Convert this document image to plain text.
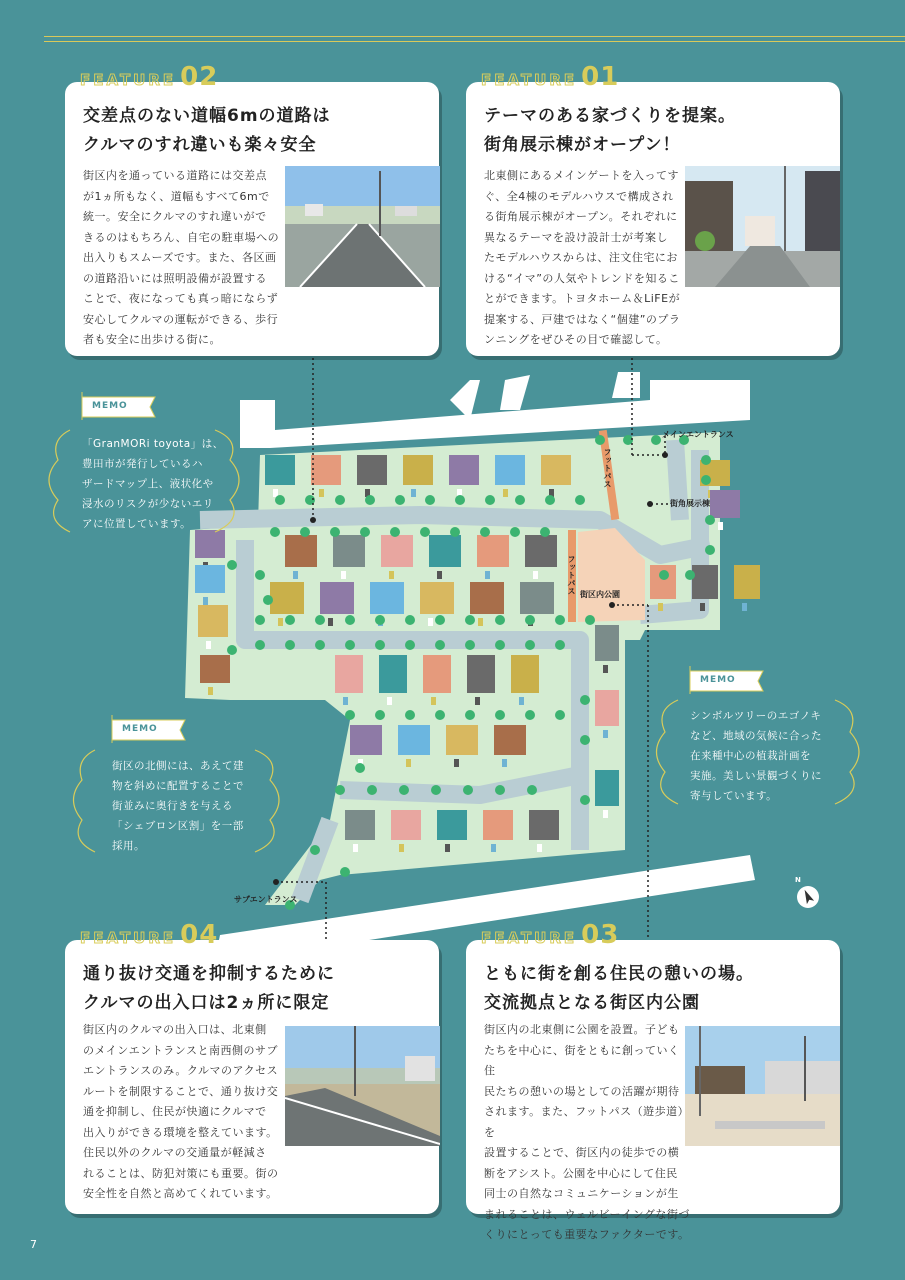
メインエントランス
街角展示棟
フットパス
フットパス 街区内公園
サブエントランス
N
MEMO
「GranMORi toyota」は、
豊田市が発行しているハ
ザードマップ上、液状化や
浸水のリスクが少ないエリ
アに位置しています。
MEMO
街区の北側には、あえて建
物を斜めに配置することで
街並みに奥行きを与える
「シェブロン区割」を一部
採用。
MEMO
シンボルツリーのエゴノキ
など、地域の気候に合った
在来種中心の植栽計画を
実施。美しい景観づくりに
寄与しています。
交差点のない道幅6mの道路は
クルマのすれ違いも楽々安全
街区内を通っている道路には交差点
が1ヵ所もなく、道幅もすべて6mで
統一。安全にクルマのすれ違いがで
きるのはもちろん、自宅の駐車場への
出入りもスムーズです。また、各区画
の道路沿いには照明設備が設置する
ことで、夜になっても真っ暗にならず
安心してクルマの運転ができる、歩行
者も安全に出歩ける街に。
FEATURE 02
テーマのある家づくりを提案。
街角展示棟がオープン！
北東側にあるメインゲートを入ってす
ぐ、全4棟のモデルハウスで構成され
る街角展示棟がオープン。それぞれに
異なるテーマを設け設計士が考案し
たモデルハウスからは、注文住宅にお
ける“イマ”の人気やトレンドを知るこ
とができます。トヨタホーム＆LiFEが
提案する、戸建ではなく“個建”のプラ
ンニングをぜひその目で確認して。
FEATURE 01
通り抜け交通を抑制するために
クルマの出入口は2ヵ所に限定
街区内のクルマの出入口は、北東側
のメインエントランスと南西側のサブ
エントランスのみ。クルマのアクセス
ルートを制限することで、通り抜け交
通を抑制し、住民が快適にクルマで
出入りができる環境を整えています。
住民以外のクルマの交通量が軽減さ
れることは、防犯対策にも重要。街の
安全性を自然と高めてくれています。
FEATURE 04
ともに街を創る住民の憩いの場。
交流拠点となる街区内公園
街区内の北東側に公園を設置。子ども
たちを中心に、街をともに創っていく住
民たちの憩いの場としての活躍が期待
されます。また、フットパス（遊歩道）を
設置することで、街区内の徒歩での横
断をアシスト。公園を中心にして住民
同士の自然なコミュニケーションが生
まれることは、ウェルビーイングな街づ
くりにとっても重要なファクターです。
FEATURE 03
7
